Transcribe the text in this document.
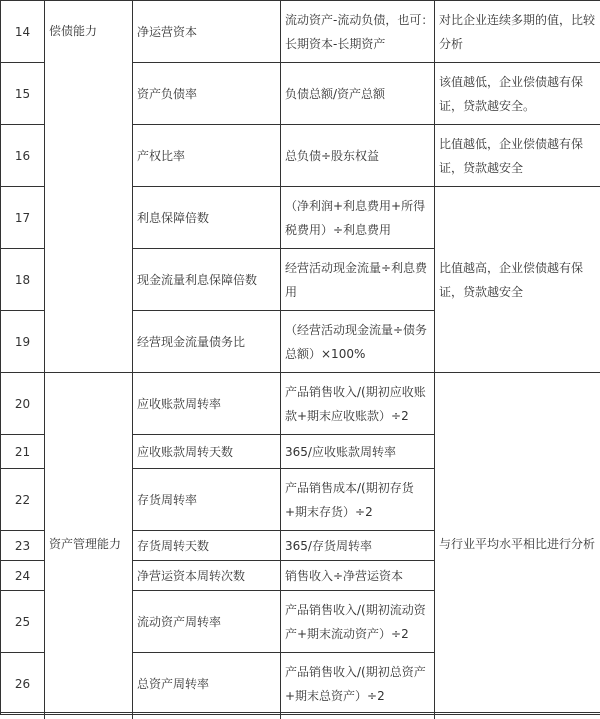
14	偿债能力	净运营资本	流动资产-流动负债，也可：长期资本-长期资产	对比企业连续多期的值，比较分析
15		资产负债率	负债总额/资产总额	该值越低，企业偿债越有保证，贷款越安全。
16		产权比率	总负债÷股东权益	比值越低，企业偿债越有保证，贷款越安全
17		利息保障倍数	（净利润+利息费用+所得税费用）÷利息费用	比值越高，企业偿债越有保证，贷款越安全
18		现金流量利息保障倍数	经营活动现金流量÷利息费用	
19		经营现金流量债务比	（经营活动现金流量÷债务总额）×100%	
20	资产管理能力	应收账款周转率	产品销售收入/(期初应收账款+期末应收账款）÷2	与行业平均水平相比进行分析
21		应收账款周转天数	365/应收账款周转率	
22		存货周转率	产品销售成本/(期初存货+期末存货）÷2	
23		存货周转天数	365/存货周转率	
24		净营运资本周转次数	销售收入÷净营运资本	
25		流动资产周转率	产品销售收入/(期初流动资产+期末流动资产）÷2	
26		总资产周转率	产品销售收入/(期初总资产+期末总资产）÷2	
